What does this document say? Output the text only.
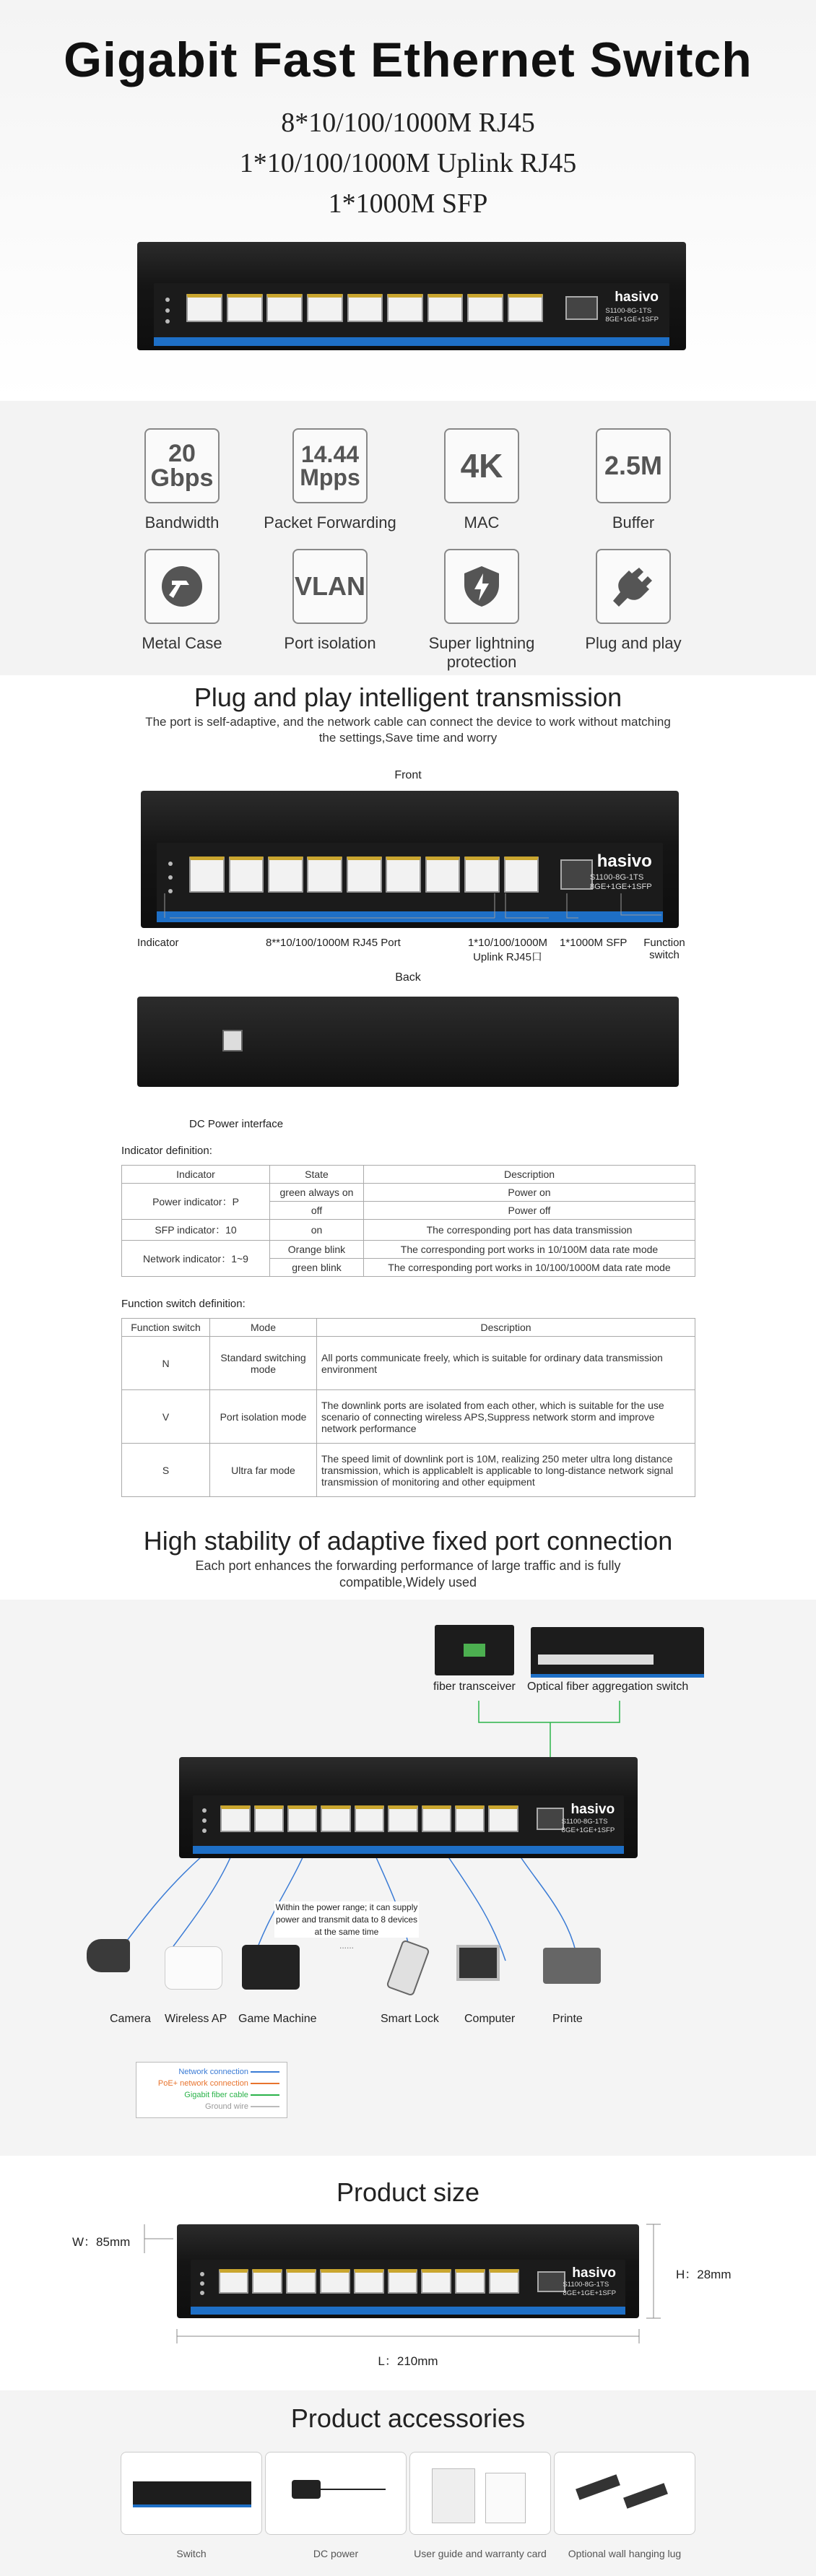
Gigabit Fast Ethernet Switch
8*10/100/1000M RJ45
1*10/100/1000M Uplink RJ45
1*1000M SFP
hasivo
S1100-8G-1TS
8GE+1GE+1SFP
20
Gbps
Bandwidth
14.44
Mpps
Packet Forwarding
4K
MAC
2.5M
Buffer
Metal Case
VLAN
Port isolation	Super lightning protection
Plug and play
Plug and play intelligent transmission
The port is self-adaptive, and the network cable can connect the device to work without matching the settings,Save time and worry
Front
hasivo
S1100-8G-1TS
8GE+1GE+1SFP
Indicator	8**10/100/1000M RJ45 Port	1*10/100/1000M Uplink RJ45口
1*1000M SFP	Function switch
Back
DC Power interface
Indicator definition:
Indicator	State	Description
Power indicator：P	green always on	Power on
	off	Power off
SFP indicator：10	on	The corresponding port has data transmission
Network indicator：1~9	Orange blink	The corresponding port works in 10/100M data rate mode
	green blink	The corresponding port works in 10/100/1000M data rate mode
Function switch definition:
Function switch	Mode	Description
N	Standard switching mode	All ports communicate freely, which is suitable for ordinary data transmission environment
V	Port isolation mode	The downlink ports are isolated from each other, which is suitable for the use scenario of connecting wireless APS,Suppress network storm and improve network performance
S	Ultra far mode	The speed limit of downlink port is 10M, realizing 250 meter ultra long distance transmission, which is applicablelt is applicable to long-distance network signal transmission of monitoring and other equipment
High stability of adaptive fixed port connection
Each port enhances the forwarding performance of large traffic and is fully compatible,Widely used
fiber transceiver Optical fiber aggregation switch
hasivo
S1100-8G-1TS
8GE+1GE+1SFP
Within the power range; it can supply power and transmit data to 8 devices at the same time
......
Camera Wireless AP Game Machine	Smart Lock Computer	Printe
Network connection
PoE+ network connection
Gigabit fiber cable
Ground wire
Product size
hasivo
S1100-8G-1TS
8GE+1GE+1SFP
W：85mm
H：28mm
L：210mm
Product accessories
Switch	DC power	User guide and warranty card	Optional wall hanging lug
